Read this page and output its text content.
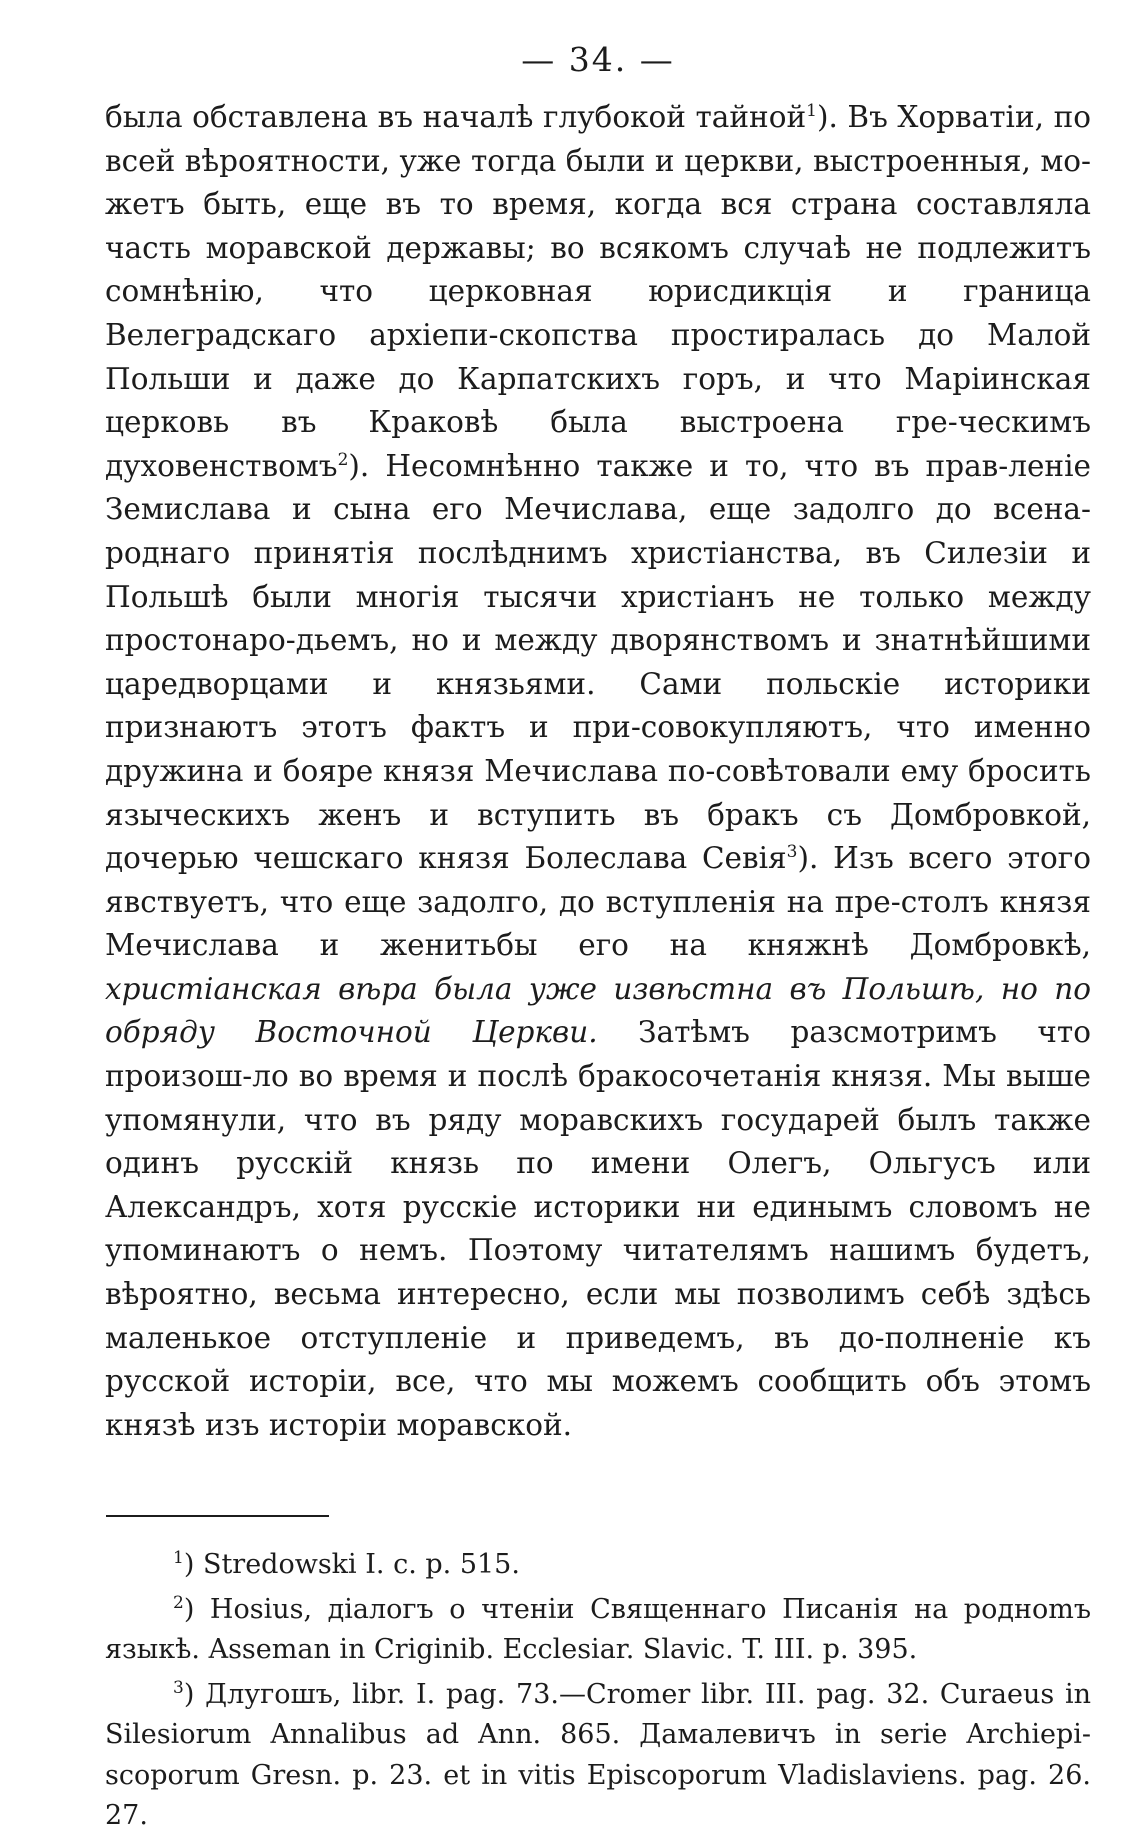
— 34. —

была обставлена въ началѣ глубокой тайной$^1$). Въ Хорватіи, по всей вѣроятности, уже тогда были и церкви, выстроенныя, мо-жетъ быть, еще въ то время, когда вся страна составляла часть моравской державы; во всякомъ случаѣ не подлежитъ сомнѣнію, что церковная юрисдикція и граница Велеградскаго архіепи-скопства простиралась до Малой Польши и даже до Карпатскихъ горъ, и что Маріинская церковь въ Краковѣ была выстроена гре-ческимъ духовенствомъ$^2$). Несомнѣнно также и то, что въ прав-леніе Земислава и сына его Мечислава, еще задолго до всена-роднаго принятія послѣднимъ христіанства, въ Силезіи и Польшѣ были многія тысячи христіанъ не только между простонаро-дьемъ, но и между дворянствомъ и знатнѣйшими царедворцами и князьями. Сами польскіе историки признаютъ этотъ фактъ и при-совокупляютъ, что именно дружина и бояре князя Мечислава по-совѣтовали ему бросить языческихъ женъ и вступить въ бракъ съ Домбровкой, дочерью чешскаго князя Болеслава Севія$^3$). Изъ всего этого явствуетъ, что еще задолго, до вступленія на пре-столъ князя Мечислава и женитьбы его на княжнѣ Домбровкѣ, христіанская вѣра была уже извѣстна въ Польшѣ, но по обряду Восточной Церкви. Затѣмъ разсмотримъ что произош-ло во время и послѣ бракосочетанія князя. Мы выше упомянули, что въ ряду моравскихъ государей былъ также одинъ русскій князь по имени Олегъ, Ольгусъ или Александръ, хотя русскіе историки ни единымъ словомъ не упоминаютъ о немъ. Поэтому читателямъ нашимъ будетъ, вѣроятно, весьма интересно, если мы позволимъ себѣ здѣсь маленькое отступленіе и приведемъ, въ до-полненіе къ русской исторіи, все, что мы можемъ сообщить объ этомъ князѣ изъ исторіи моравской.

$^1$) Stredowski I. c. p. 515.

$^2$) Hosius, діалогъ о чтеніи Священнаго Писанія на роднomъ языкѣ. Asseman in Criginib. Ecclesiar. Slavic. T. III. p. 395.

$^3$) Длугошъ, libr. I. pag. 73.—Cromer libr. III. pag. 32. Curaeus in Silesiorum Annalibus ad Ann. 865. Дамалевичъ in serie Archiepi-scoporum Gresn. p. 23. et in vitis Episcoporum Vladislaviens. pag. 26. 27.
